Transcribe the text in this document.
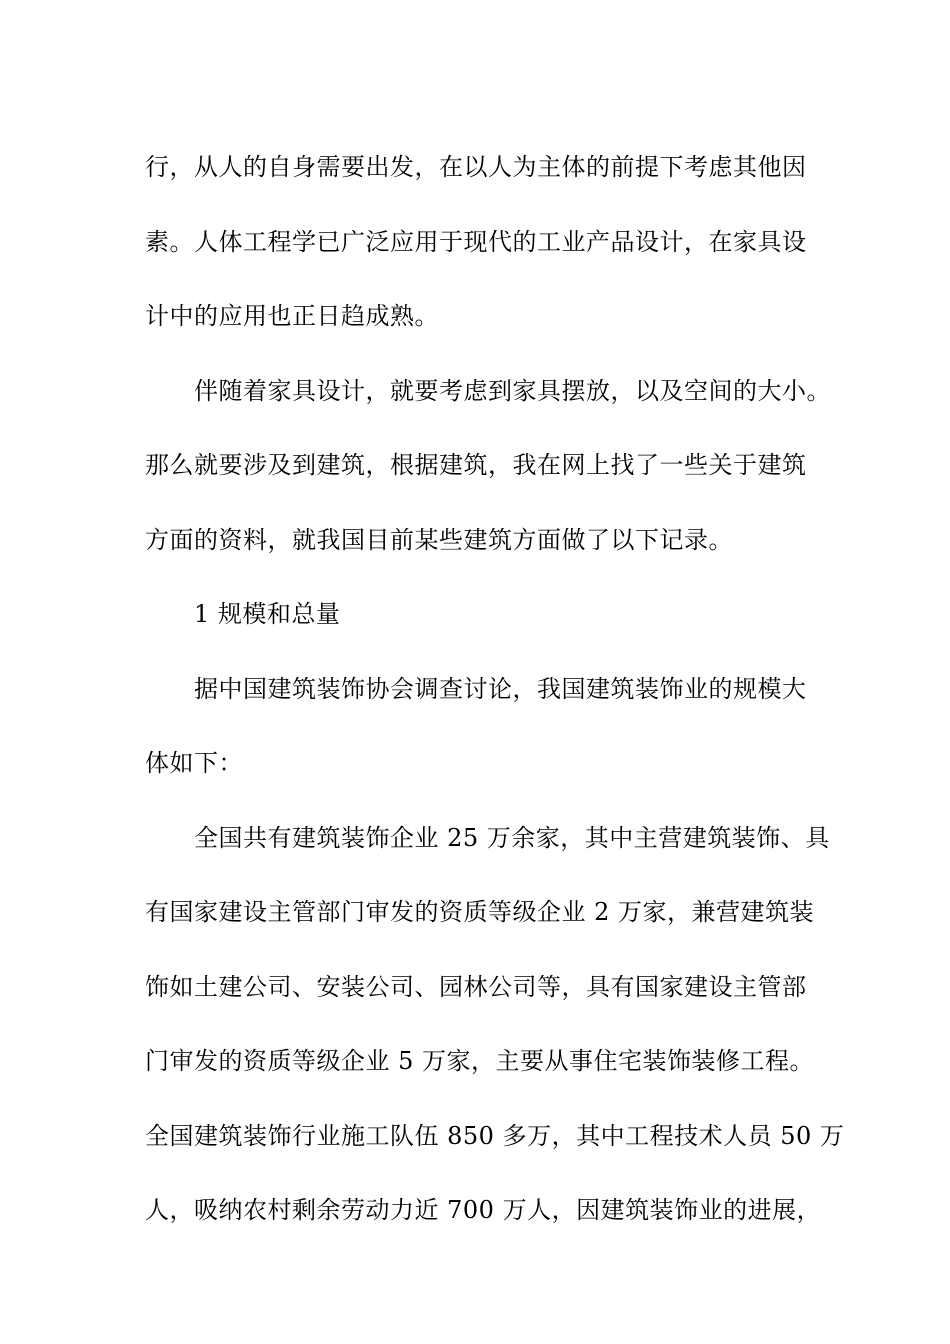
行，从人的自身需要出发，在以人为主体的前提下考虑其他因
素。人体工程学已广泛应用于现代的工业产品设计，在家具设
计中的应用也正日趋成熟。
伴随着家具设计，就要考虑到家具摆放，以及空间的大小。
那么就要涉及到建筑，根据建筑，我在网上找了一些关于建筑
方面的资料，就我国目前某些建筑方面做了以下记录。
1 规模和总量
据中国建筑装饰协会调查讨论，我国建筑装饰业的规模大
体如下：
全国共有建筑装饰企业 25 万余家，其中主营建筑装饰、具
有国家建设主管部门审发的资质等级企业 2 万家，兼营建筑装
饰如土建公司、安装公司、园林公司等，具有国家建设主管部
门审发的资质等级企业 5 万家，主要从事住宅装饰装修工程。
全国建筑装饰行业施工队伍 850 多万，其中工程技术人员 50 万
人，吸纳农村剩余劳动力近 700 万人，因建筑装饰业的进展，
